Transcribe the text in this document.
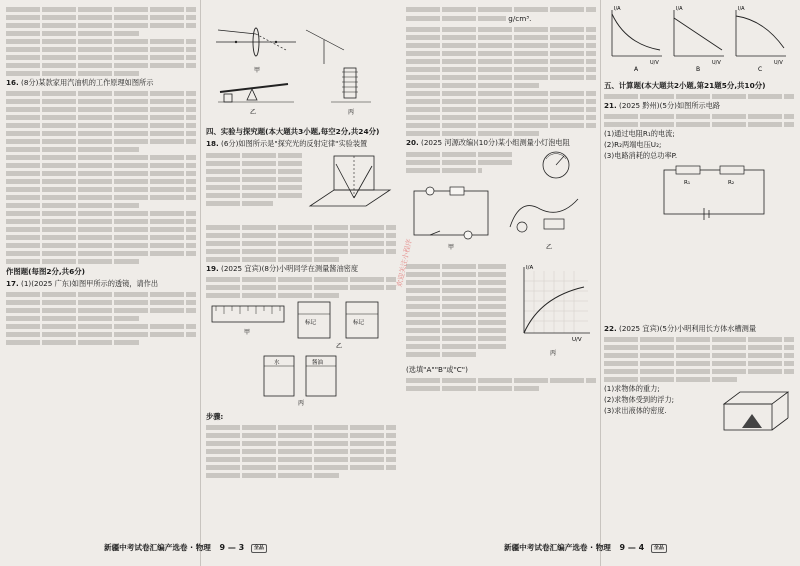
16. (8分)某款家用汽油机的工作原理如图所示
作图题(每图2分,共6分)
17. (1)(2025 广东)如图甲所示的透镜，请作出
甲
乙	丙
四、实验与探究题(本大题共3小题,每空2分,共24分)
18. (6分)如图所示是"探究光的反射定律"实验装置
19. (2025 宜宾)(8分)小明同学在测量酱油密度
甲
标记	标记
乙
水	酱油
丙
步骤:
g/cm³.
20. (2025 河源改编)(10分)某小组测量小灯泡电阻
甲	乙
I/A
U/V
丙
(选填"A""B"或"C")
I/A
U/V
A
I/A
U/V
B
I/A
U/V
C
五、计算题(本大题共2小题,第21题5分,共10分)
21. (2025 黔州)(5分)如图所示电路
(1)通过电阻R₁的电流;
(2)R₂两端电压U₂;
(3)电路消耗的总功率P.
R₁	R₂
22. (2025 宜宾)(5分)小明利用长方体水槽测量
(1)求物体的重力;
(2)求物体受到的浮力;
(3)求出液体的密度.
欢迎关注小程序
新疆中考试卷汇编产选卷 · 物理 9 — 3 全品	新疆中考试卷汇编产选卷 · 物理 9 — 4 全品
